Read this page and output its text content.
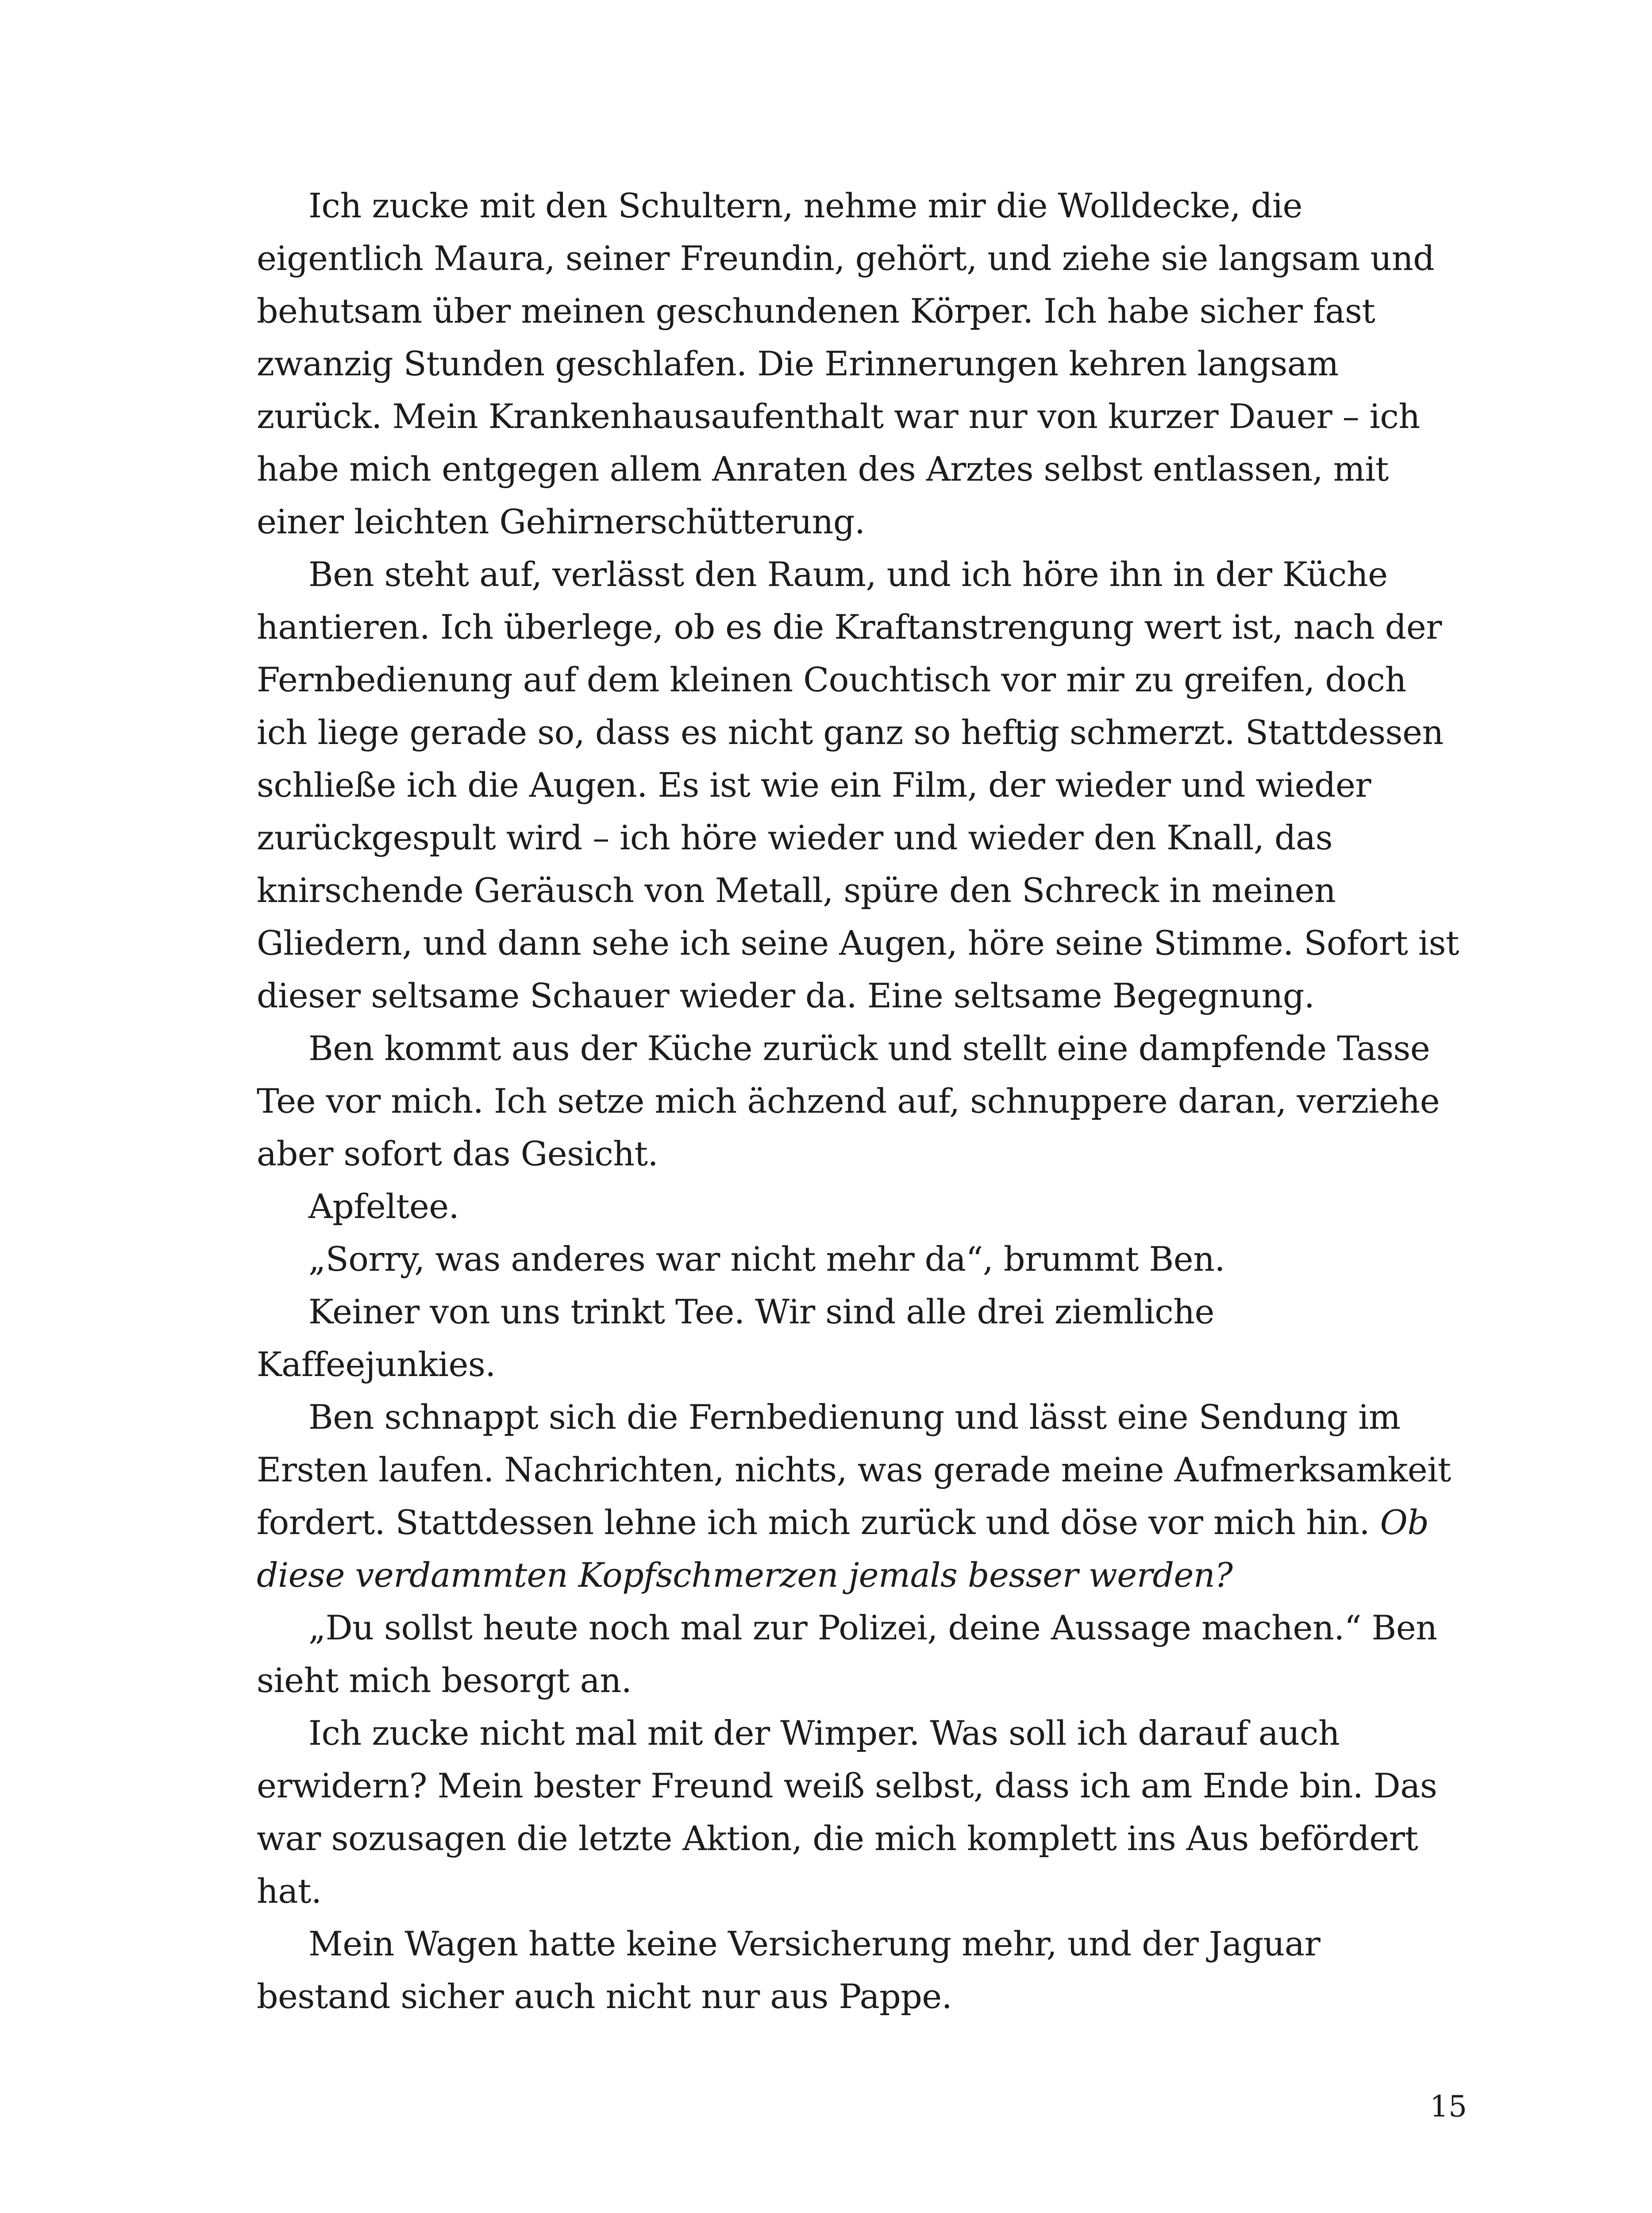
Ich zucke mit den Schultern, nehme mir die Wolldecke, die
eigentlich Maura, seiner Freundin, gehört, und ziehe sie langsam und
behutsam über meinen geschundenen Körper. Ich habe sicher fast
zwanzig Stunden geschlafen. Die Erinnerungen kehren langsam
zurück. Mein Krankenhausaufenthalt war nur von kurzer Dauer – ich
habe mich entgegen allem Anraten des Arztes selbst entlassen, mit
einer leichten Gehirnerschütterung.
Ben steht auf, verlässt den Raum, und ich höre ihn in der Küche
hantieren. Ich überlege, ob es die Kraftanstrengung wert ist, nach der
Fernbedienung auf dem kleinen Couchtisch vor mir zu greifen, doch
ich liege gerade so, dass es nicht ganz so heftig schmerzt. Stattdessen
schließe ich die Augen. Es ist wie ein Film, der wieder und wieder
zurückgespult wird – ich höre wieder und wieder den Knall, das
knirschende Geräusch von Metall, spüre den Schreck in meinen
Gliedern, und dann sehe ich seine Augen, höre seine Stimme. Sofort ist
dieser seltsame Schauer wieder da. Eine seltsame Begegnung.
Ben kommt aus der Küche zurück und stellt eine dampfende Tasse
Tee vor mich. Ich setze mich ächzend auf, schnuppere daran, verziehe
aber sofort das Gesicht.
Apfeltee.
„Sorry, was anderes war nicht mehr da“, brummt Ben.
Keiner von uns trinkt Tee. Wir sind alle drei ziemliche
Kaffeejunkies.
Ben schnappt sich die Fernbedienung und lässt eine Sendung im
Ersten laufen. Nachrichten, nichts, was gerade meine Aufmerksamkeit
fordert. Stattdessen lehne ich mich zurück und döse vor mich hin. Ob
diese verdammten Kopfschmerzen jemals besser werden?
„Du sollst heute noch mal zur Polizei, deine Aussage machen.“ Ben
sieht mich besorgt an.
Ich zucke nicht mal mit der Wimper. Was soll ich darauf auch
erwidern? Mein bester Freund weiß selbst, dass ich am Ende bin. Das
war sozusagen die letzte Aktion, die mich komplett ins Aus befördert
hat.
Mein Wagen hatte keine Versicherung mehr, und der Jaguar
bestand sicher auch nicht nur aus Pappe.
15
